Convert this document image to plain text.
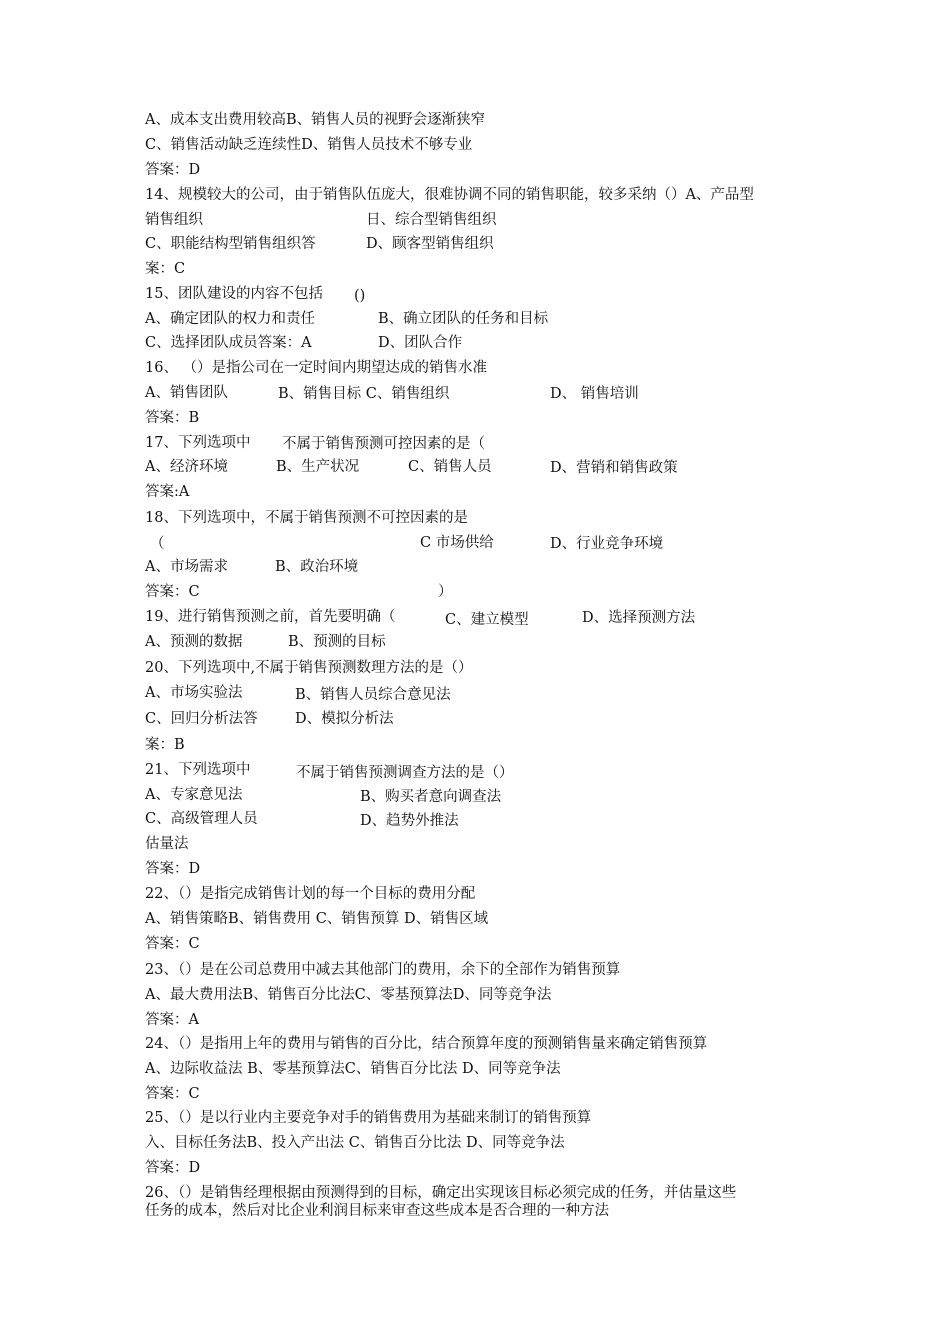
A、成本支出费用较高B、销售人员的视野会逐渐狭窄
C、销售活动缺乏连续性D、销售人员技术不够专业
答案：D
14、规模较大的公司，由于销售队伍庞大，很难协调不同的销售职能，较多采纳（）A、产品型
销售组织	日、综合型销售组织
C、职能结构型销售组织答	D、顾客型销售组织
案：C
15、团队建设的内容不包括 ()
A、确定团队的权力和责任	B、确立团队的任务和目标
C、选择团队成员答案：A	D、团队合作
16、 （）是指公司在一定时间内期望达成的销售水准
A、销售团队	B、销售目标 C、销售组织	D、 销售培训
答案：B
17、下列选项中 不属于销售预测可控因素的是（
A、经济环境	B、生产状况	C、销售人员	D、营销和销售政策
答案:A
18、下列选项中，不属于销售预测不可控因素的是
（	C 市场供给	D、行业竞争环境
A、市场需求	B、政治环境
答案：C	）
19、进行销售预测之前，首先要明确（	C、建立模型	D、选择预测方法
A、预测的数据	B、预测的目标
20、下列选项中,不属于销售预测数理方法的是（）
A、市场实验法	B、销售人员综合意见法
C、回归分析法答	D、模拟分析法
案：B
21、下列选项中	不属于销售预测调查方法的是（）
A、专家意见法	B、购买者意向调查法
C、高级管理人员	D、趋势外推法
估量法
答案：D
22、（）是指完成销售计划的每一个目标的费用分配
A、销售策略B、销售费用 C、销售预算 D、销售区域
答案：C
23、（）是在公司总费用中减去其他部门的费用，余下的全部作为销售预算
A、最大费用法B、销售百分比法C、零基预算法D、同等竞争法
答案：A
24、（）是指用上年的费用与销售的百分比，结合预算年度的预测销售量来确定销售预算
A、边际收益法 B、零基预算法C、销售百分比法 D、同等竞争法
答案：C
25、（）是以行业内主要竞争对手的销售费用为基础来制订的销售预算
入、目标任务法B、投入产出法 C、销售百分比法 D、同等竞争法
答案：D
26、（）是销售经理根据由预测得到的目标，确定出实现该目标必须完成的任务，并估量这些
任务的成本，然后对比企业利润目标来审查这些成本是否合理的一种方法
